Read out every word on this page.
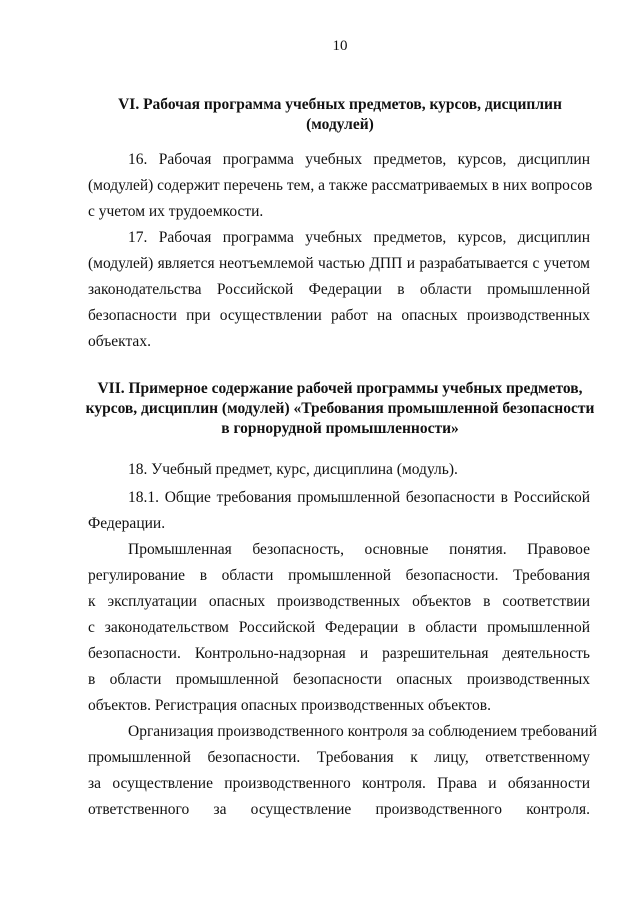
10
VI. Рабочая программа учебных предметов, курсов, дисциплин
(модулей)
16. Рабочая программа учебных предметов, курсов, дисциплин
(модулей) содержит перечень тем, а также рассматриваемых в них вопросов
с учетом их трудоемкости.
17. Рабочая программа учебных предметов, курсов, дисциплин
(модулей) является неотъемлемой частью ДПП и разрабатывается с учетом
законодательства Российской Федерации в области промышленной
безопасности при осуществлении работ на опасных производственных
объектах.
VII. Примерное содержание рабочей программы учебных предметов,
курсов, дисциплин (модулей) «Требования промышленной безопасности
в горнорудной промышленности»
18. Учебный предмет, курс, дисциплина (модуль).
18.1. Общие требования промышленной безопасности в Российской
Федерации.
Промышленная безопасность, основные понятия. Правовое
регулирование в области промышленной безопасности. Требования
к эксплуатации опасных производственных объектов в соответствии
с законодательством Российской Федерации в области промышленной
безопасности. Контрольно-надзорная и разрешительная деятельность
в области промышленной безопасности опасных производственных
объектов. Регистрация опасных производственных объектов.
Организация производственного контроля за соблюдением требований
промышленной безопасности. Требования к лицу, ответственному
за осуществление производственного контроля. Права и обязанности
ответственного за осуществление производственного контроля.
